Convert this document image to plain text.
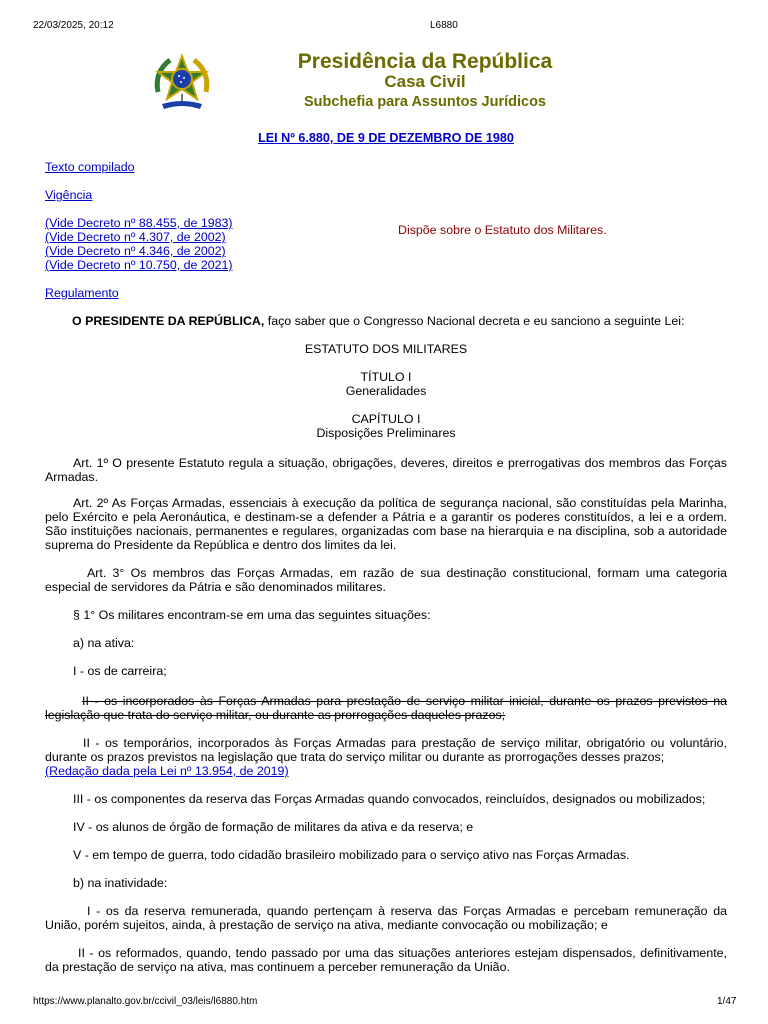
22/03/2025, 20:12	L6880
Presidência da República
Casa Civil
Subchefia para Assuntos Jurídicos
LEI Nº 6.880, DE 9 DE DEZEMBRO DE 1980
Texto compilado
Vigência
(Vide Decreto nº 88.455, de 1983)
(Vide Decreto nº 4.307, de 2002)
(Vide Decreto nº 4.346, de 2002)
(Vide Decreto nº 10.750, de 2021)
Regulamento
Dispõe sobre o Estatuto dos Militares.

O PRESIDENTE DA REPÚBLICA, faço saber que o Congresso Nacional decreta e eu sanciono a seguinte Lei:

ESTATUTO DOS MILITARES
TÍTULO I
Generalidades
CAPÍTULO I
Disposições Preliminares

Art. 1º O presente Estatuto regula a situação, obrigações, deveres, direitos e prerrogativas dos membros das Forças Armadas.

Art. 2º As Forças Armadas, essenciais à execução da política de segurança nacional, são constituídas pela Marinha, pelo Exército e pela Aeronáutica, e destinam-se a defender a Pátria e a garantir os poderes constituídos, a lei e a ordem. São instituições nacionais, permanentes e regulares, organizadas com base na hierarquia e na disciplina, sob a autoridade suprema do Presidente da República e dentro dos limites da lei.

Art. 3° Os membros das Forças Armadas, em razão de sua destinação constitucional, formam uma categoria especial de servidores da Pátria e são denominados militares.

§ 1° Os militares encontram-se em uma das seguintes situações:

a) na ativa:

I - os de carreira;

II - os incorporados às Forças Armadas para prestação de serviço militar inicial, durante os prazos previstos na legislação que trata do serviço militar, ou durante as prorrogações daqueles prazos;

II - os temporários, incorporados às Forças Armadas para prestação de serviço militar, obrigatório ou voluntário, durante os prazos previstos na legislação que trata do serviço militar ou durante as prorrogações desses prazos;
(Redação dada pela Lei nº 13.954, de 2019)

III - os componentes da reserva das Forças Armadas quando convocados, reincluídos, designados ou mobilizados;

IV - os alunos de órgão de formação de militares da ativa e da reserva; e

V - em tempo de guerra, todo cidadão brasileiro mobilizado para o serviço ativo nas Forças Armadas.

b) na inatividade:

I - os da reserva remunerada, quando pertençam à reserva das Forças Armadas e percebam remuneração da União, porém sujeitos, ainda, à prestação de serviço na ativa, mediante convocação ou mobilização; e

II - os reformados, quando, tendo passado por uma das situações anteriores estejam dispensados, definitivamente, da prestação de serviço na ativa, mas continuem a perceber remuneração da União.

https://www.planalto.gov.br/ccivil_03/leis/l6880.htm	1/47
